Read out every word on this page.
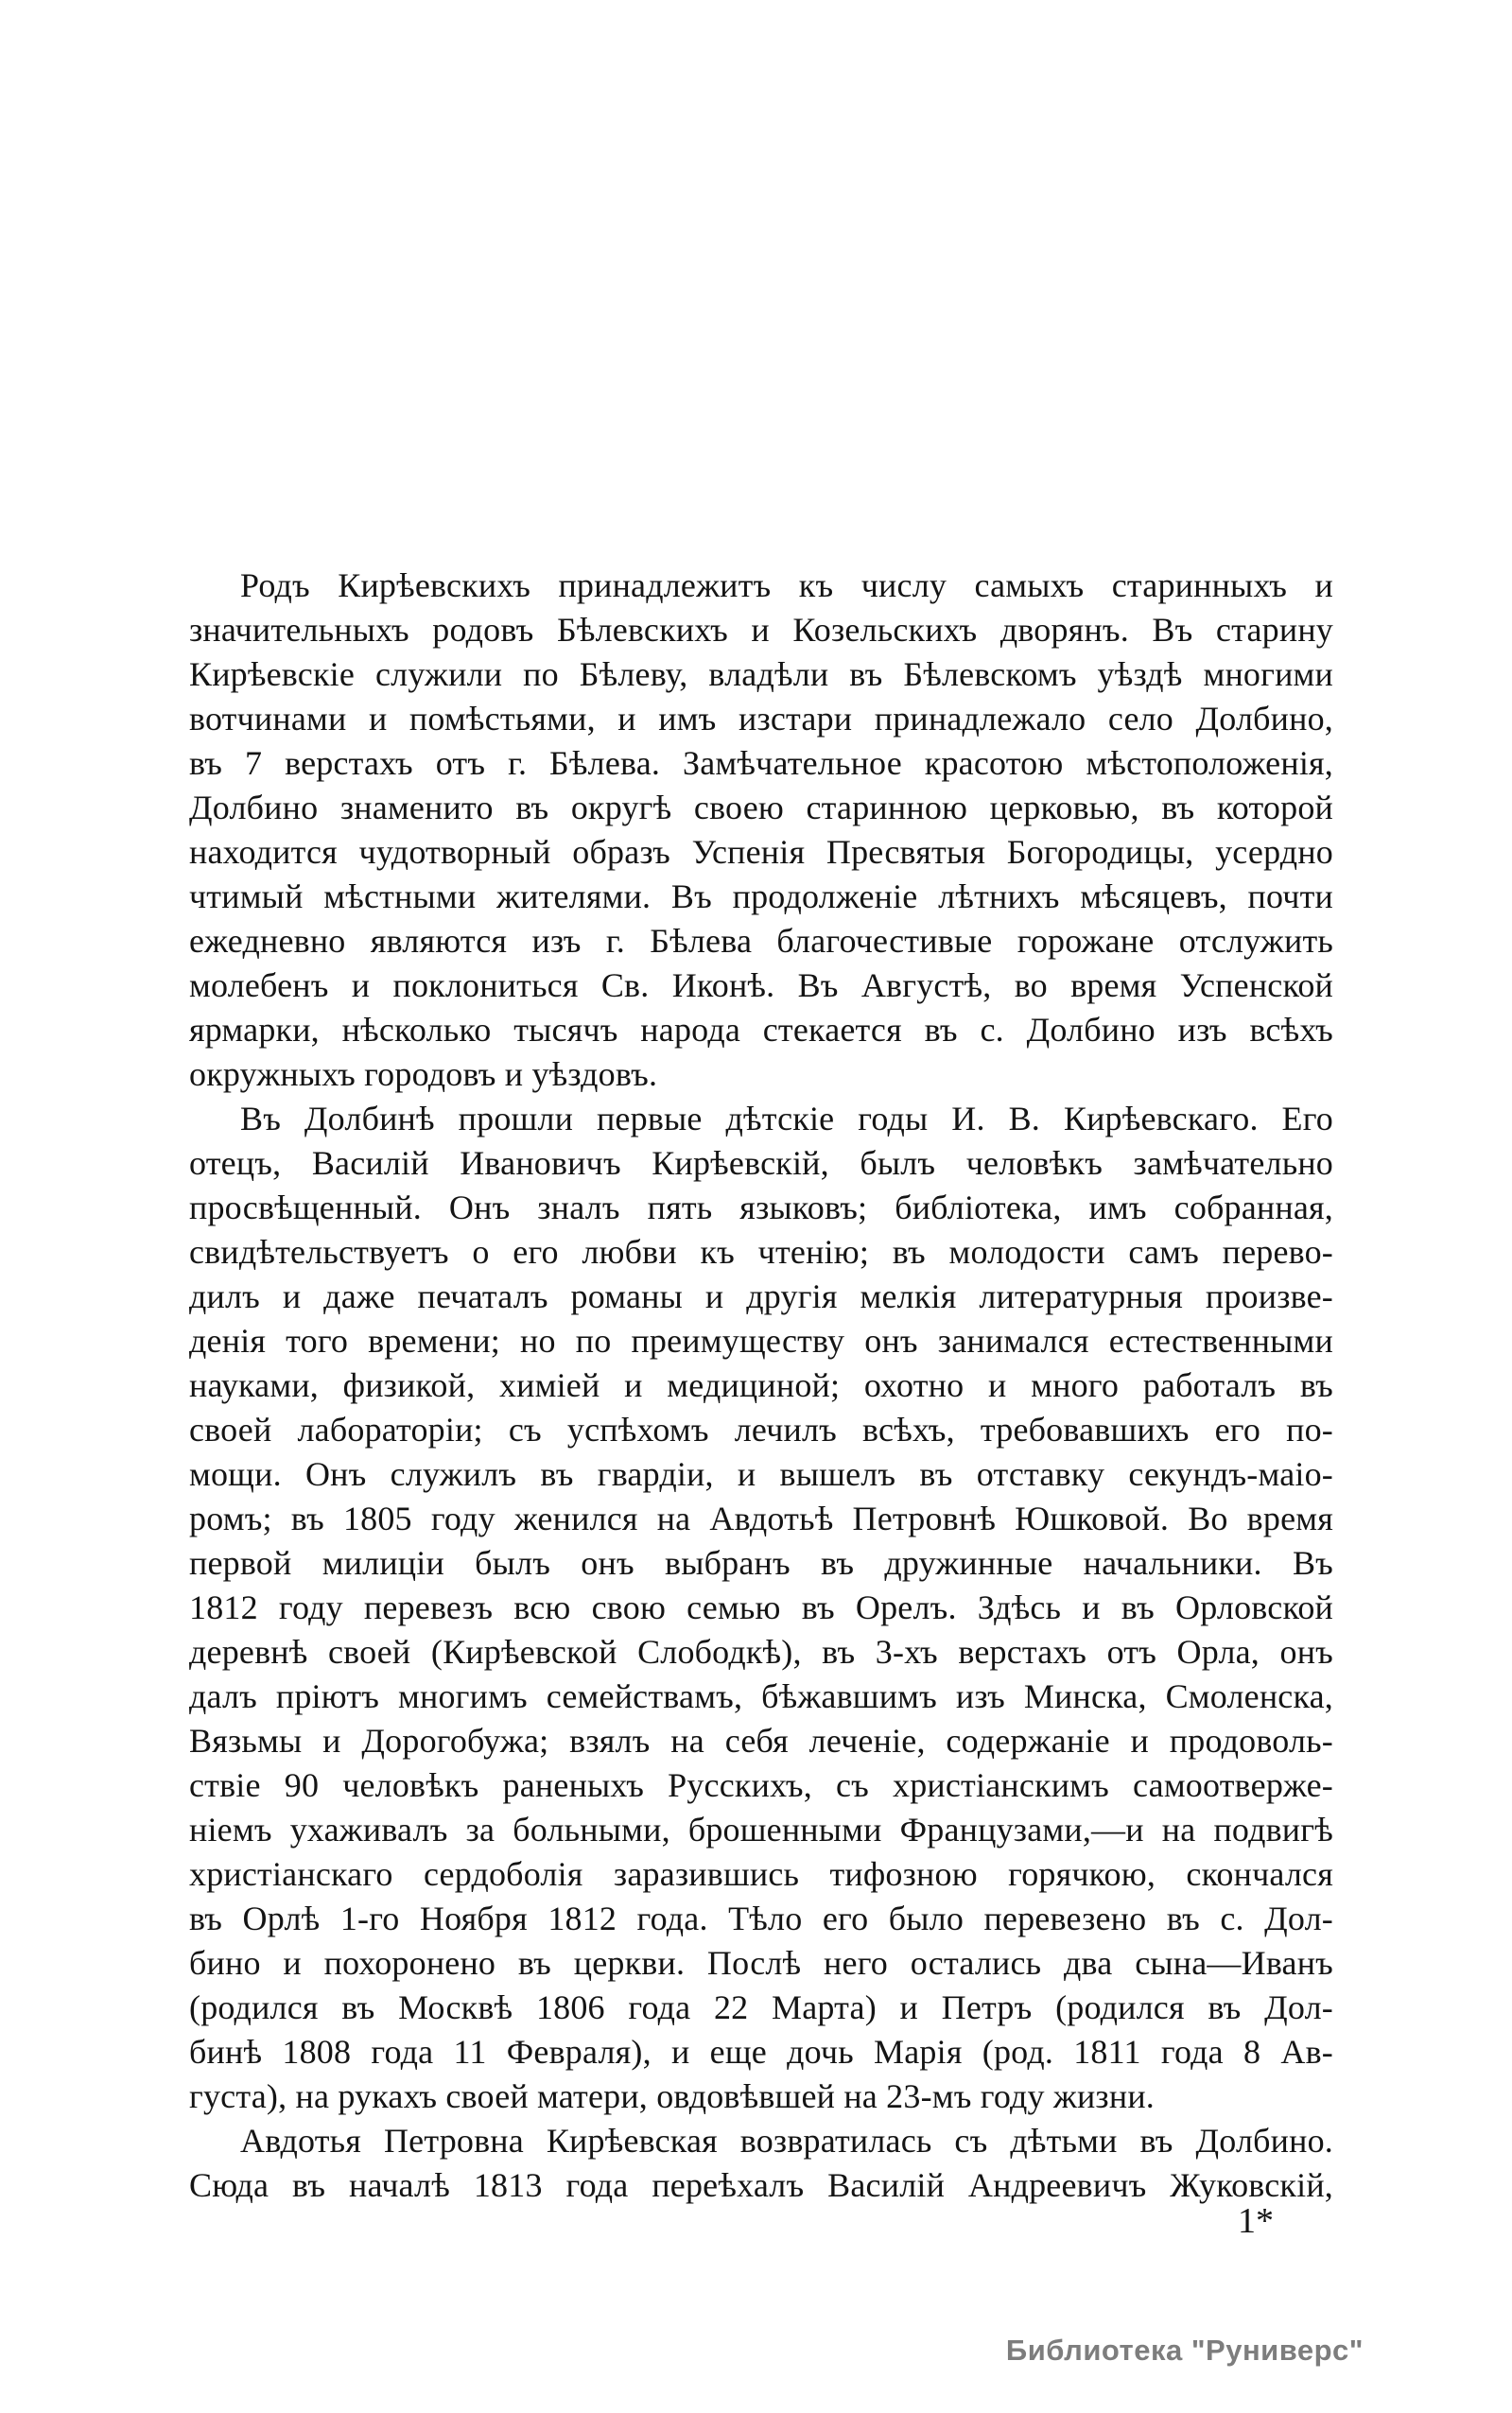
Родъ Кирѣевскихъ принадлежитъ къ числу самыхъ старинныхъ и
значительныхъ родовъ Бѣлевскихъ и Козельскихъ дворянъ. Въ старину
Кирѣевскіе служили по Бѣлеву, владѣли въ Бѣлевскомъ уѣздѣ многими
вотчинами и помѣстьями, и имъ изстари принадлежало село Долбино,
въ 7 верстахъ отъ г. Бѣлева. Замѣчательное красотою мѣстоположенія,
Долбино знаменито въ округѣ своею старинною церковью, въ которой
находится чудотворный образъ Успенія Пресвятыя Богородицы, усердно
чтимый мѣстными жителями. Въ продолженіе лѣтнихъ мѣсяцевъ, почти
ежедневно являются изъ г. Бѣлева благочестивые горожане отслужить
молебенъ и поклониться Св. Иконѣ. Въ Августѣ, во время Успенской
ярмарки, нѣсколько тысячъ народа стекается въ с. Долбино изъ всѣхъ
окружныхъ городовъ и уѣздовъ.
Въ Долбинѣ прошли первые дѣтскіе годы И. В. Кирѣевскаго. Его
отецъ, Василій Ивановичъ Кирѣевскій, былъ человѣкъ замѣчательно
просвѣщенный. Онъ зналъ пять языковъ; библіотека, имъ собранная,
свидѣтельствуетъ о его любви къ чтенію; въ молодости самъ перево-
дилъ и даже печаталъ романы и другія мелкія литературныя произве-
денія того времени; но по преимуществу онъ занимался естественными
науками, физикой, химіей и медициной; охотно и много работалъ въ
своей лабораторіи; съ успѣхомъ лечилъ всѣхъ, требовавшихъ его по-
мощи. Онъ служилъ въ гвардіи, и вышелъ въ отставку секундъ-маіо-
ромъ; въ 1805 году женился на Авдотьѣ Петровнѣ Юшковой. Во время
первой милиціи былъ онъ выбранъ въ дружинные начальники. Въ
1812 году перевезъ всю свою семью въ Орелъ. Здѣсь и въ Орловской
деревнѣ своей (Кирѣевской Слободкѣ), въ 3-хъ верстахъ отъ Орла, онъ
далъ пріютъ многимъ семействамъ, бѣжавшимъ изъ Минска, Смоленска,
Вязьмы и Дорогобужа; взялъ на себя леченіе, содержаніе и продоволь-
ствіе 90 человѣкъ раненыхъ Русскихъ, съ христіанскимъ самоотверже-
ніемъ ухаживалъ за больными, брошенными Французами,—и на подвигѣ
христіанскаго сердоболія заразившись тифозною горячкою, скончался
въ Орлѣ 1-го Ноября 1812 года. Тѣло его было перевезено въ с. Дол-
бино и похоронено въ церкви. Послѣ него остались два сына—Иванъ
(родился въ Москвѣ 1806 года 22 Марта) и Петръ (родился въ Дол-
бинѣ 1808 года 11 Февраля), и еще дочь Марія (род. 1811 года 8 Ав-
густа), на рукахъ своей матери, овдовѣвшей на 23-мъ году жизни.
Авдотья Петровна Кирѣевская возвратилась съ дѣтьми въ Долбино.
Сюда въ началѣ 1813 года переѣхалъ Василій Андреевичъ Жуковскій,
1*
Библиотека "Руниверс"
